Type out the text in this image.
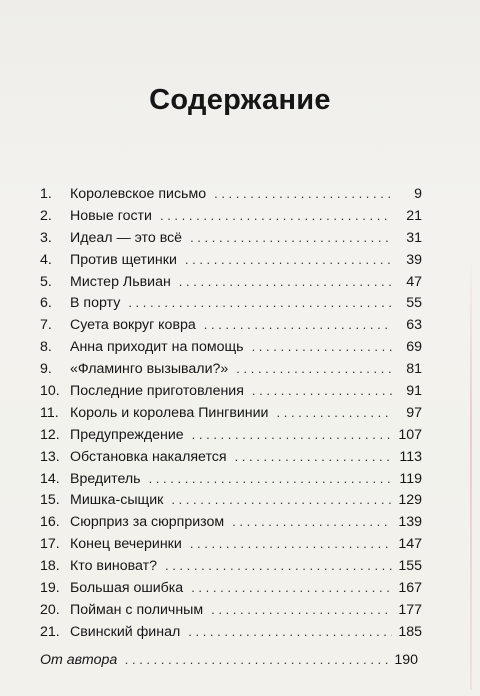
Содержание
1.	Королевское письмо . . .	9
2.	Новые гости . . .	21
3.	Идеал — это всё . . .	31
4.	Против щетинки . . .	39
5.	Мистер Львиан . . .	47
6.	В порту . . .	55
7.	Суета вокруг ковра . . .	63
8.	Анна приходит на помощь . . .	69
9.	«Фламинго вызывали?» . . .	81
10. Последние приготовления . . .	91
11. Король и королева Пингвинии . . .	97
12. Предупреждение . . .	107
13. Обстановка накаляется . . .	113
14. Вредитель . . .	119
15. Мишка-сыщик . . .	129
16. Сюрприз за сюрпризом . . .	139
17. Конец вечеринки . . .	147
18. Кто виноват? . . .	155
19. Большая ошибка . . .	167
20. Пойман с поличным . . .	177
21. Свинский финал . . .	185
От автора . . .	190
